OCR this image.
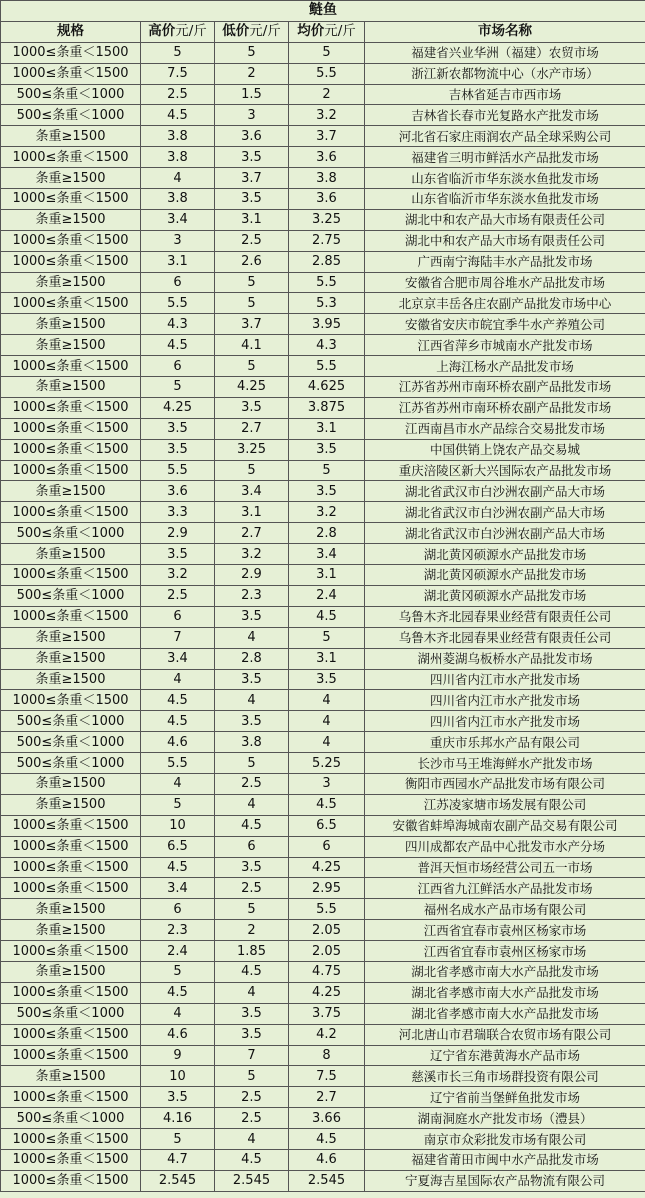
鲢鱼				
规格	高价元/斤	低价元/斤	均价元/斤	市场名称
1000≤条重＜1500	5	5	5	福建省兴业华洲（福建）农贸市场
1000≤条重＜1500	7.5	2	5.5	浙江新农都物流中心（水产市场）
500≤条重＜1000	2.5	1.5	2	吉林省延吉市西市场
500≤条重＜1000	4.5	3	3.2	吉林省长春市光复路水产批发市场
条重≥1500	3.8	3.6	3.7	河北省石家庄雨润农产品全球采购公司
1000≤条重＜1500	3.8	3.5	3.6	福建省三明市鲜活水产品批发市场
条重≥1500	4	3.7	3.8	山东省临沂市华东淡水鱼批发市场
1000≤条重＜1500	3.8	3.5	3.6	山东省临沂市华东淡水鱼批发市场
条重≥1500	3.4	3.1	3.25	湖北中和农产品大市场有限责任公司
1000≤条重＜1500	3	2.5	2.75	湖北中和农产品大市场有限责任公司
1000≤条重＜1500	3.1	2.6	2.85	广西南宁海陆丰水产品批发市场
条重≥1500	6	5	5.5	安徽省合肥市周谷堆水产品批发市场
1000≤条重＜1500	5.5	5	5.3	北京京丰岳各庄农副产品批发市场中心
条重≥1500	4.3	3.7	3.95	安徽省安庆市皖宜季牛水产养殖公司
条重≥1500	4.5	4.1	4.3	江西省萍乡市城南水产批发市场
1000≤条重＜1500	6	5	5.5	上海江杨水产品批发市场
条重≥1500	5	4.25	4.625	江苏省苏州市南环桥农副产品批发市场
1000≤条重＜1500	4.25	3.5	3.875	江苏省苏州市南环桥农副产品批发市场
1000≤条重＜1500	3.5	2.7	3.1	江西南昌市水产品综合交易批发市场
1000≤条重＜1500	3.5	3.25	3.5	中国供销上饶农产品交易城
1000≤条重＜1500	5.5	5	5	重庆涪陵区新大兴国际农产品批发市场
条重≥1500	3.6	3.4	3.5	湖北省武汉市白沙洲农副产品大市场
1000≤条重＜1500	3.3	3.1	3.2	湖北省武汉市白沙洲农副产品大市场
500≤条重＜1000	2.9	2.7	2.8	湖北省武汉市白沙洲农副产品大市场
条重≥1500	3.5	3.2	3.4	湖北黄冈硕源水产品批发市场
1000≤条重＜1500	3.2	2.9	3.1	湖北黄冈硕源水产品批发市场
500≤条重＜1000	2.5	2.3	2.4	湖北黄冈硕源水产品批发市场
1000≤条重＜1500	6	3.5	4.5	乌鲁木齐北园春果业经营有限责任公司
条重≥1500	7	4	5	乌鲁木齐北园春果业经营有限责任公司
条重≥1500	3.4	2.8	3.1	湖州菱湖乌板桥水产品批发市场
条重≥1500	4	3.5	3.5	四川省内江市水产批发市场
1000≤条重＜1500	4.5	4	4	四川省内江市水产批发市场
500≤条重＜1000	4.5	3.5	4	四川省内江市水产批发市场
500≤条重＜1000	4.6	3.8	4	重庆市乐邦水产品有限公司
500≤条重＜1000	5.5	5	5.25	长沙市马王堆海鲜水产批发市场
条重≥1500	4	2.5	3	衡阳市西园水产品批发市场有限公司
条重≥1500	5	4	4.5	江苏凌家塘市场发展有限公司
1000≤条重＜1500	10	4.5	6.5	安徽省蚌埠海城南农副产品交易有限公司
1000≤条重＜1500	6.5	6	6	四川成都农产品中心批发市水产分场
1000≤条重＜1500	4.5	3.5	4.25	普洱天恒市场经营公司五一市场
1000≤条重＜1500	3.4	2.5	2.95	江西省九江鲜活水产品批发市场
条重≥1500	6	5	5.5	福州名成水产品市场有限公司
条重≥1500	2.3	2	2.05	江西省宜春市袁州区杨家市场
1000≤条重＜1500	2.4	1.85	2.05	江西省宜春市袁州区杨家市场
条重≥1500	5	4.5	4.75	湖北省孝感市南大水产品批发市场
1000≤条重＜1500	4.5	4	4.25	湖北省孝感市南大水产品批发市场
500≤条重＜1000	4	3.5	3.75	湖北省孝感市南大水产品批发市场
1000≤条重＜1500	4.6	3.5	4.2	河北唐山市君瑞联合农贸市场有限公司
1000≤条重＜1500	9	7	8	辽宁省东港黄海水产品市场
条重≥1500	10	5	7.5	慈溪市长三角市场群投资有限公司
1000≤条重＜1500	3.5	2.5	2.7	辽宁省前当堡鲜鱼批发市场
500≤条重＜1000	4.16	2.5	3.66	湖南洞庭水产批发市场（澧县）
1000≤条重＜1500	5	4	4.5	南京市众彩批发市场有限公司
1000≤条重＜1500	4.7	4.5	4.6	福建省莆田市闽中水产品批发市场
1000≤条重＜1500	2.545	2.545	2.545	宁夏海吉星国际农产品物流有限公司
